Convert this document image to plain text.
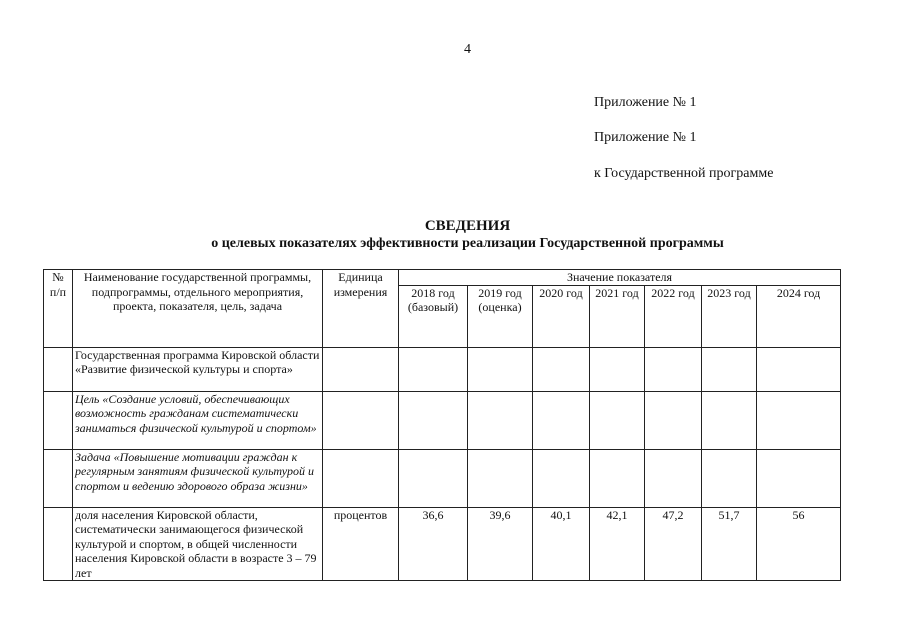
4
Приложение № 1
Приложение № 1
к Государственной программе
СВЕДЕНИЯ
о целевых показателях эффективности реализации Государственной программы
№ п/п	Наименование государственной программы, подпрограммы, отдельного мероприятия, проекта, показателя, цель, задача	Единица измерения	Значение показателя						
			2018 год (базовый)	2019 год (оценка)	2020 год	2021 год	2022 год	2023 год	2024 год
	Государственная программа Кировской области «Развитие физической культуры и спорта»								
	Цель «Создание условий, обеспечивающих возможность гражданам систематически заниматься физической культурой и спортом»								
	Задача «Повышение мотивации граждан к регулярным занятиям физической культурой и спортом и ведению здорового образа жизни»								
	доля населения Кировской области, систематически занимающегося физической культурой и спортом, в общей численности населения Кировской области в возрасте 3 – 79 лет	процентов	36,6	39,6	40,1	42,1	47,2	51,7	56
